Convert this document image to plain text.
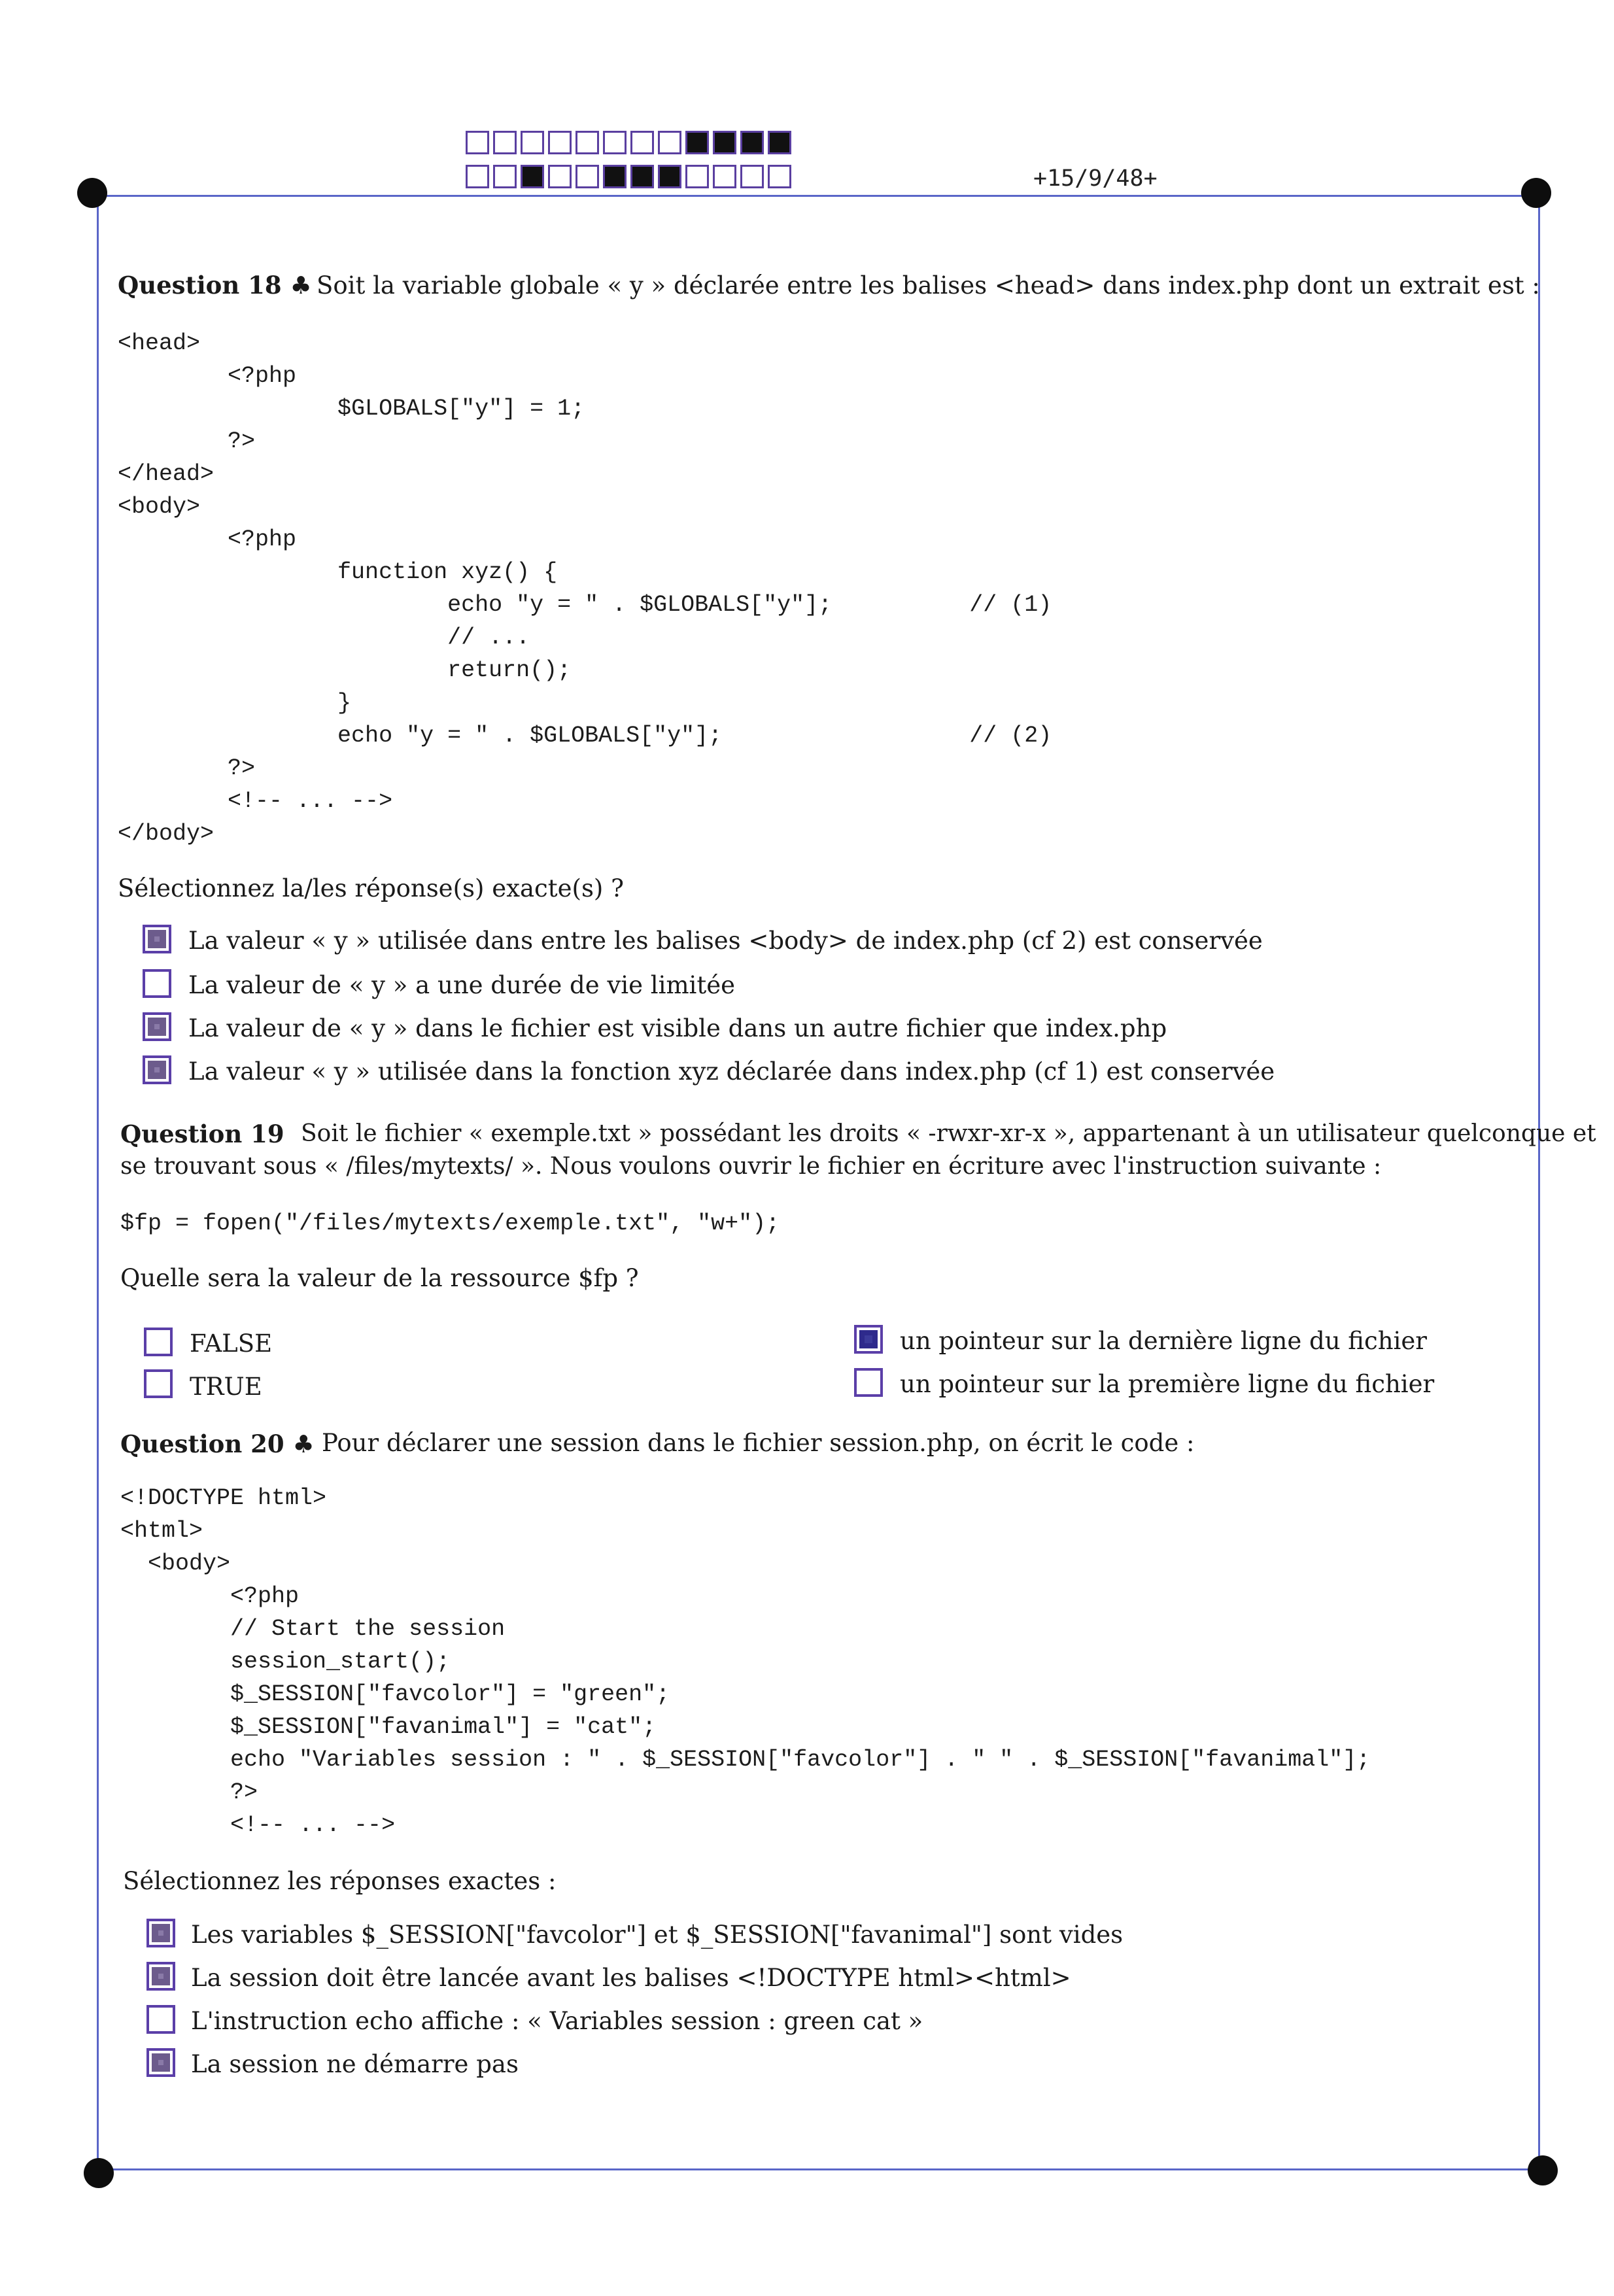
+15/9/48+
Question 18 ♣ Soit la variable globale « y » déclarée entre les balises <head> dans index.php dont un extrait est :
<head>
<?php
$GLOBALS["y"] = 1;
?>
</head>
<body>
<?php
function xyz() {
echo "y = " . $GLOBALS["y"];          // (1)
// ...
return();
}
echo "y = " . $GLOBALS["y"];                  // (2)
?>
<!-- ... -->
</body>
Sélectionnez la/les réponse(s) exacte(s) ?
La valeur « y » utilisée dans entre les balises <body> de index.php (cf 2) est conservée
La valeur de « y » a une durée de vie limitée
La valeur de « y » dans le fichier est visible dans un autre fichier que index.php
La valeur « y » utilisée dans la fonction xyz déclarée dans index.php (cf 1) est conservée
Question 19 Soit le fichier « exemple.txt » possédant les droits « -rwxr-xr-x », appartenant à un utilisateur quelconque et
se trouvant sous « /files/mytexts/ ». Nous voulons ouvrir le fichier en écriture avec l'instruction suivante :
$fp = fopen("/files/mytexts/exemple.txt", "w+");
Quelle sera la valeur de la ressource $fp ?
FALSE
TRUE
un pointeur sur la dernière ligne du fichier
un pointeur sur la première ligne du fichier
Question 20 ♣ Pour déclarer une session dans le fichier session.php, on écrit le code :
<!DOCTYPE html>
<html>
<body>
<?php
// Start the session
session_start();
$_SESSION["favcolor"] = "green";
$_SESSION["favanimal"] = "cat";
echo "Variables session : " . $_SESSION["favcolor"] . " " . $_SESSION["favanimal"];
?>
<!-- ... -->
Sélectionnez les réponses exactes :
Les variables $_SESSION["favcolor"] et $_SESSION["favanimal"] sont vides
La session doit être lancée avant les balises <!DOCTYPE html><html>
L'instruction echo affiche : « Variables session : green cat »
La session ne démarre pas
